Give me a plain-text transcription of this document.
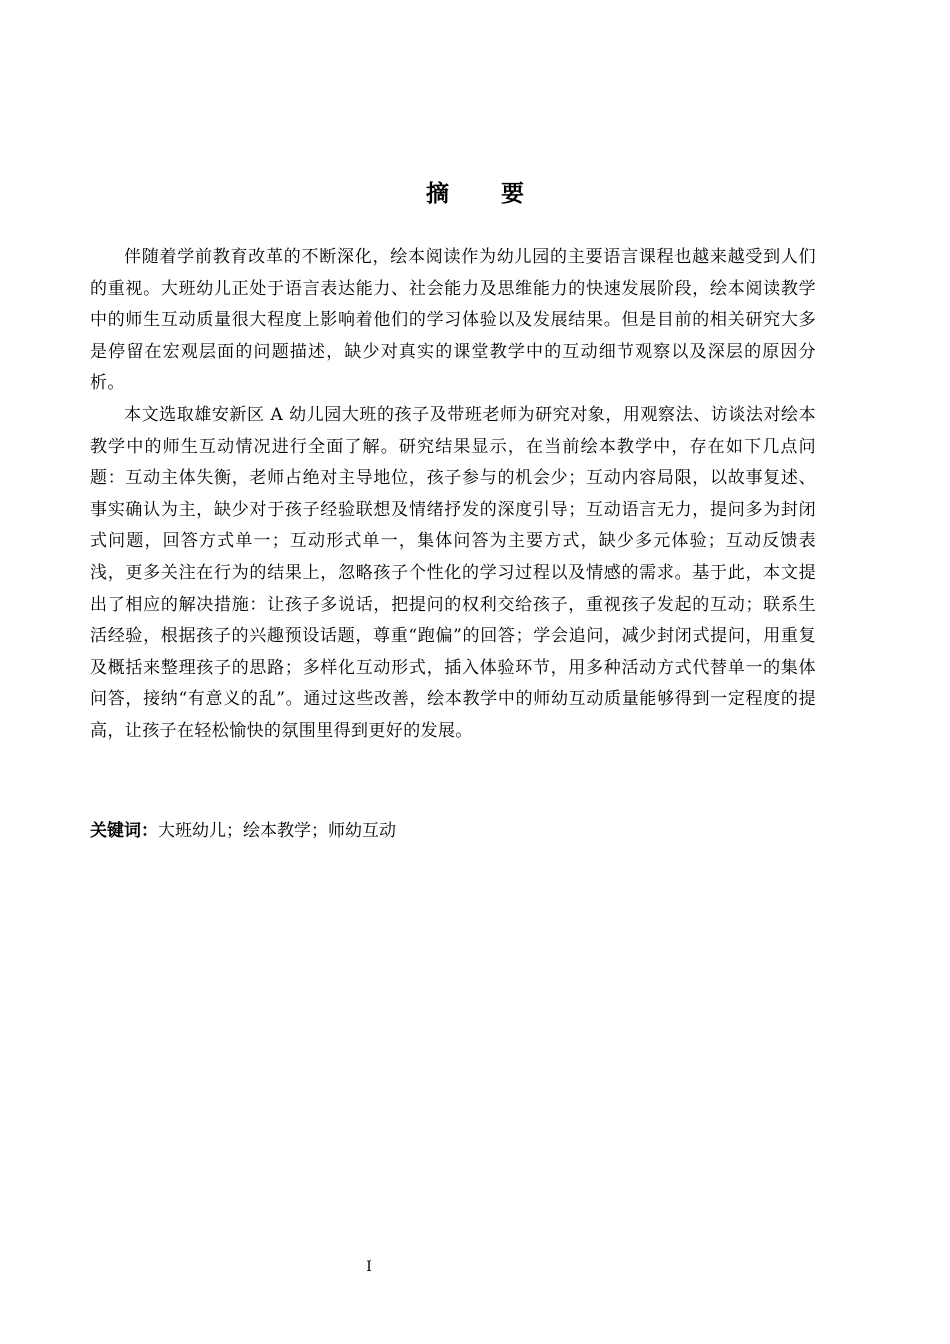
摘要

伴随着学前教育改革的不断深化，绘本阅读作为幼儿园的主要语言课程也越来越受到人们的重视。大班幼儿正处于语言表达能力、社会能力及思维能力的快速发展阶段，绘本阅读教学中的师生互动质量很大程度上影响着他们的学习体验以及发展结果。但是目前的相关研究大多是停留在宏观层面的问题描述，缺少对真实的课堂教学中的互动细节观察以及深层的原因分析。

本文选取雄安新区 A 幼儿园大班的孩子及带班老师为研究对象，用观察法、访谈法对绘本教学中的师生互动情况进行全面了解。研究结果显示，在当前绘本教学中，存在如下几点问题：互动主体失衡，老师占绝对主导地位，孩子参与的机会少；互动内容局限，以故事复述、事实确认为主，缺少对于孩子经验联想及情绪抒发的深度引导；互动语言无力，提问多为封闭式问题，回答方式单一；互动形式单一，集体问答为主要方式，缺少多元体验；互动反馈表浅，更多关注在行为的结果上，忽略孩子个性化的学习过程以及情感的需求。基于此，本文提出了相应的解决措施：让孩子多说话，把提问的权利交给孩子，重视孩子发起的互动；联系生活经验，根据孩子的兴趣预设话题，尊重“跑偏”的回答；学会追问，减少封闭式提问，用重复及概括来整理孩子的思路；多样化互动形式，插入体验环节，用多种活动方式代替单一的集体问答，接纳“有意义的乱”。通过这些改善，绘本教学中的师幼互动质量能够得到一定程度的提高，让孩子在轻松愉快的氛围里得到更好的发展。

关键词：大班幼儿；绘本教学；师幼互动
I
